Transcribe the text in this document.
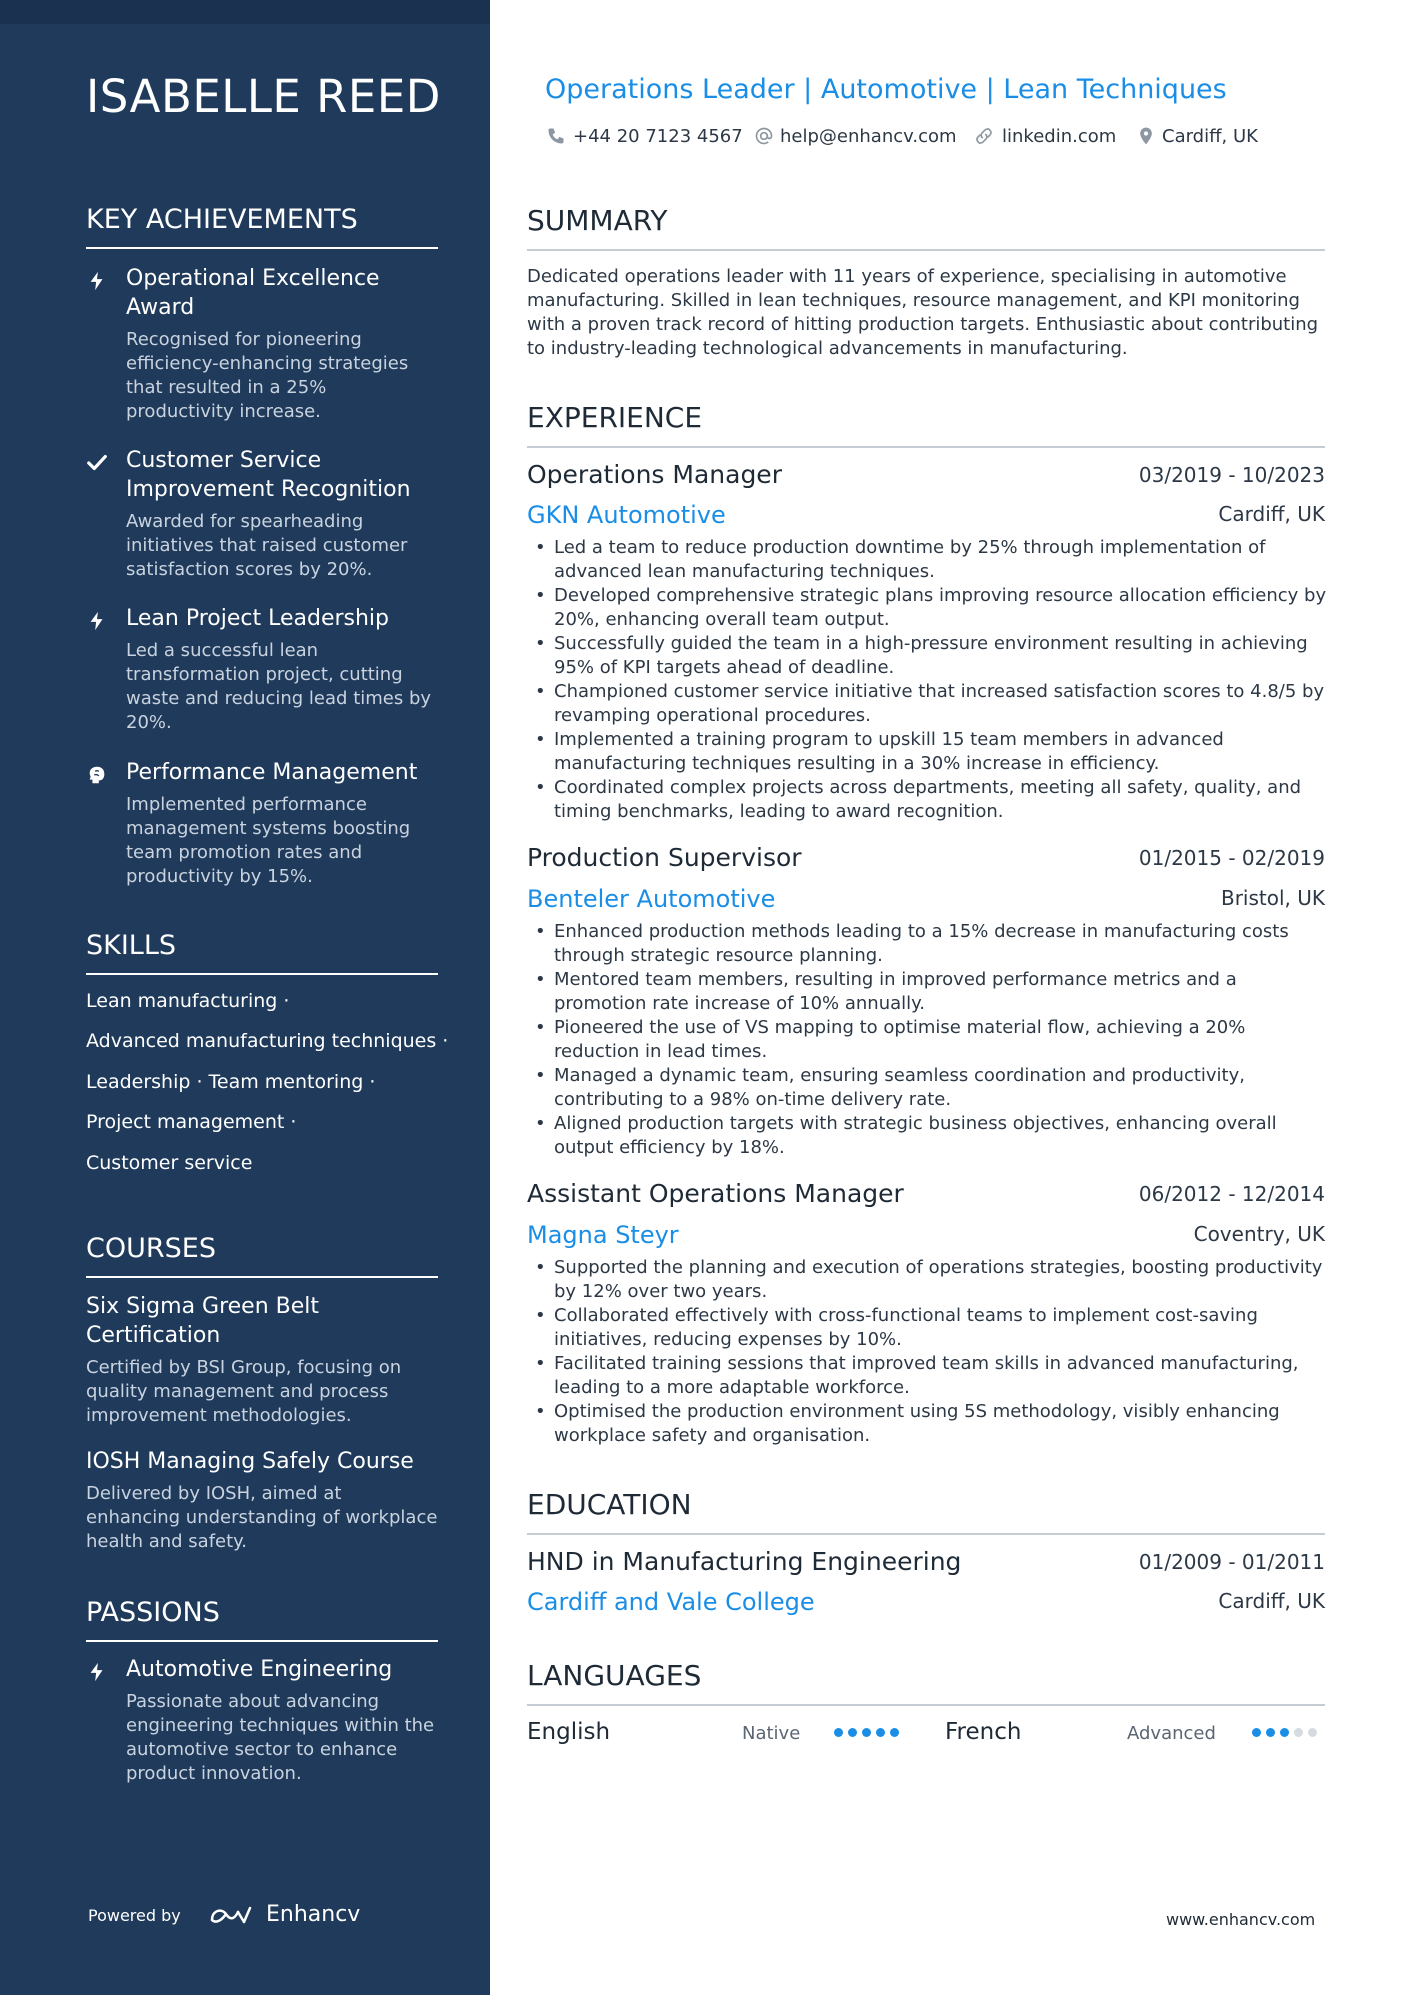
ISABELLE REED
KEY ACHIEVEMENTS
Operational Excellence Award
Recognised for pioneering efficiency-enhancing strategies that resulted in a 25% productivity increase.
Customer Service Improvement Recognition
Awarded for spearheading initiatives that raised customer satisfaction scores by 20%.
Lean Project Leadership
Led a successful lean transformation project, cutting waste and reducing lead times by 20%.
Performance Management
Implemented performance management systems boosting team promotion rates and productivity by 15%.
SKILLS
Lean manufacturing ·
Advanced manufacturing techniques ·
Leadership · Team mentoring ·
Project management ·
Customer service
COURSES
Six Sigma Green Belt Certification
Certified by BSI Group, focusing on quality management and process improvement methodologies.
IOSH Managing Safely Course
Delivered by IOSH, aimed at enhancing understanding of workplace health and safety.
PASSIONS
Automotive Engineering
Passionate about advancing engineering techniques within the automotive sector to enhance product innovation.
Powered by	Enhancv
Operations Leader | Automotive | Lean Techniques
+44 20 7123 4567 help@enhancv.com	linkedin.com	Cardiff, UK
SUMMARY
Dedicated operations leader with 11 years of experience, specialising in automotive manufacturing. Skilled in lean techniques, resource management, and KPI monitoring with a proven track record of hitting production targets. Enthusiastic about contributing to industry-leading technological advancements in manufacturing.
EXPERIENCE
Operations Manager	03/2019 - 10/2023
GKN Automotive	Cardiff, UK
• Led a team to reduce production downtime by 25% through implementation of advanced lean manufacturing techniques.
• Developed comprehensive strategic plans improving resource allocation efficiency by 20%, enhancing overall team output.
• Successfully guided the team in a high-pressure environment resulting in achieving 95% of KPI targets ahead of deadline.
• Championed customer service initiative that increased satisfaction scores to 4.8/5 by revamping operational procedures.
• Implemented a training program to upskill 15 team members in advanced manufacturing techniques resulting in a 30% increase in efficiency.
• Coordinated complex projects across departments, meeting all safety, quality, and timing benchmarks, leading to award recognition.
Production Supervisor	01/2015 - 02/2019
Benteler Automotive	Bristol, UK
• Enhanced production methods leading to a 15% decrease in manufacturing costs through strategic resource planning.
• Mentored team members, resulting in improved performance metrics and a promotion rate increase of 10% annually.
• Pioneered the use of VS mapping to optimise material flow, achieving a 20% reduction in lead times.
• Managed a dynamic team, ensuring seamless coordination and productivity, contributing to a 98% on-time delivery rate.
• Aligned production targets with strategic business objectives, enhancing overall output efficiency by 18%.
Assistant Operations Manager	06/2012 - 12/2014
Magna Steyr	Coventry, UK
• Supported the planning and execution of operations strategies, boosting productivity by 12% over two years.
• Collaborated effectively with cross-functional teams to implement cost-saving initiatives, reducing expenses by 10%.
• Facilitated training sessions that improved team skills in advanced manufacturing, leading to a more adaptable workforce.
• Optimised the production environment using 5S methodology, visibly enhancing workplace safety and organisation.
EDUCATION
HND in Manufacturing Engineering	01/2009 - 01/2011
Cardiff and Vale College	Cardiff, UK
LANGUAGES
English	Native	French	Advanced
www.enhancv.com
